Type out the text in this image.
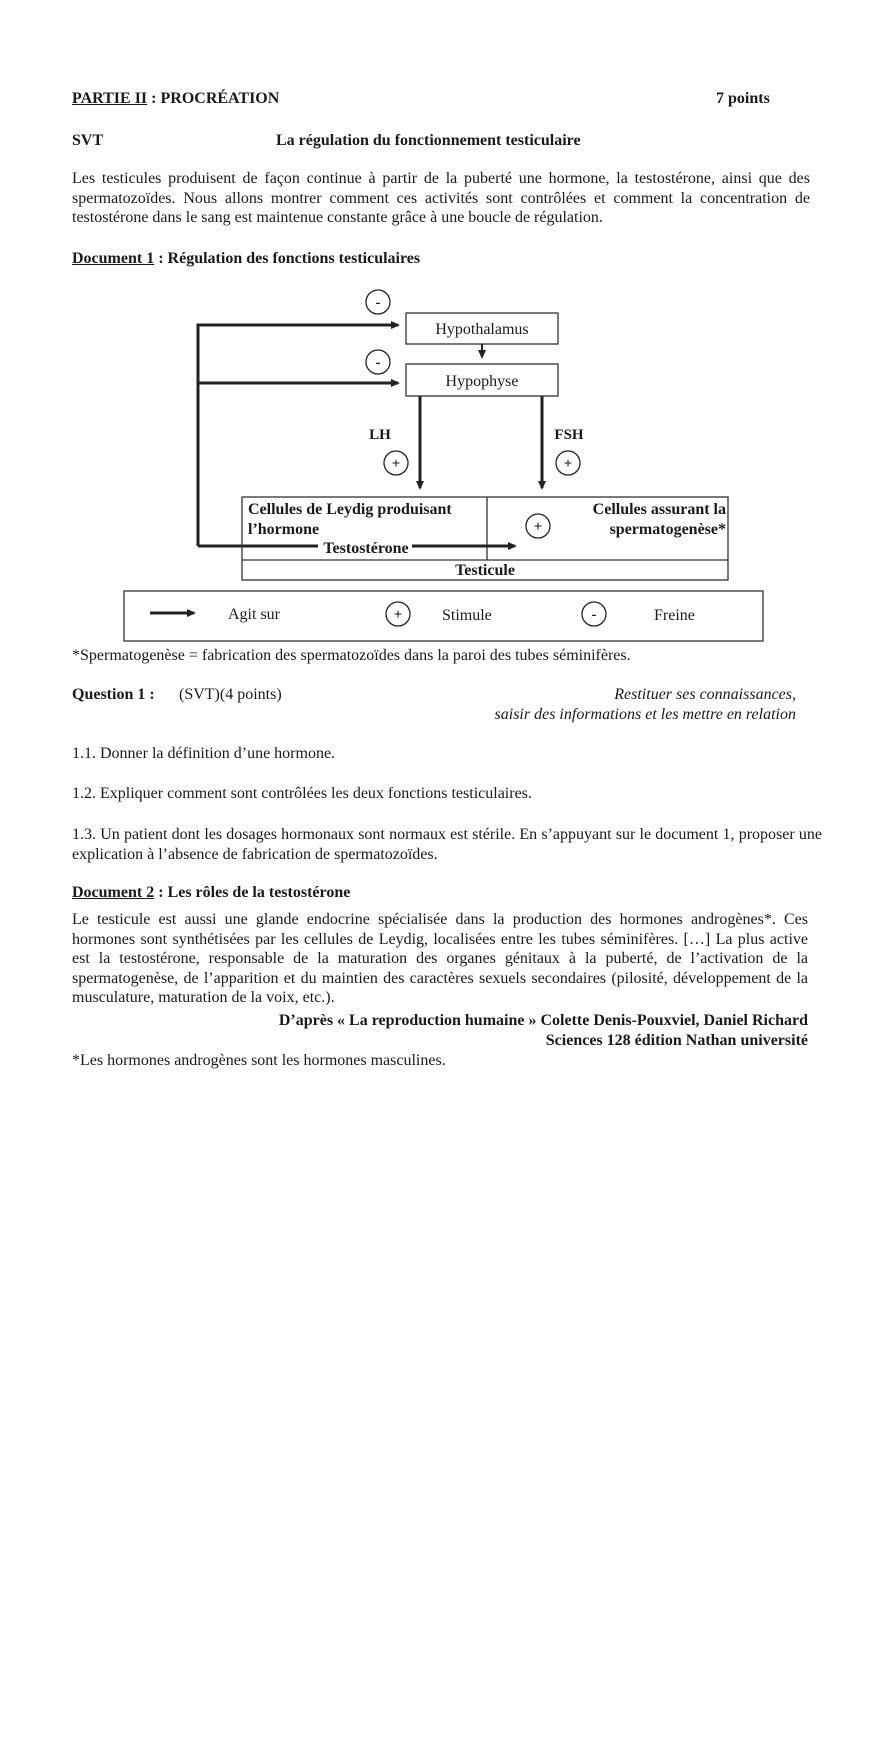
PARTIE II : PROCRÉATION	7 points
SVT	La régulation du fonctionnement testiculaire
Les testicules produisent de façon continue à partir de la puberté une hormone, la testostérone, ainsi que des spermatozoïdes. Nous allons montrer comment ces activités sont contrôlées et comment la concentration de testostérone dans le sang est maintenue constante grâce à une boucle de régulation.
Document 1 : Régulation des fonctions testiculaires
Hypothalamus
Hypophyse
-
-
LH	FSH
+	+
Cellules de Leydig produisant
l’hormone
Testostérone
Cellules assurant la
spermatogenèse*
+
Testicule
Agit sur	+ Stimule	-	Freine
*Spermatogenèse = fabrication des spermatozoïdes dans la paroi des tubes séminifères.
Question 1 : (SVT)(4 points)	Restituer ses connaissances,
saisir des informations et les mettre en relation
1.1. Donner la définition d’une hormone.
1.2. Expliquer comment sont contrôlées les deux fonctions testiculaires.
1.3. Un patient dont les dosages hormonaux sont normaux est stérile. En s’appuyant sur le document 1, proposer une explication à l’absence de fabrication de spermatozoïdes.
Document 2 : Les rôles de la testostérone
Le testicule est aussi une glande endocrine spécialisée dans la production des hormones androgènes*. Ces hormones sont synthétisées par les cellules de Leydig, localisées entre les tubes séminifères. […] La plus active est la testostérone, responsable de la maturation des organes génitaux à la puberté, de l’activation de la spermatogenèse, de l’apparition et du maintien des caractères sexuels secondaires (pilosité, développement de la musculature, maturation de la voix, etc.).
D’après « La reproduction humaine » Colette Denis-Pouxviel, Daniel Richard
Sciences 128 édition Nathan université
*Les hormones androgènes sont les hormones masculines.
